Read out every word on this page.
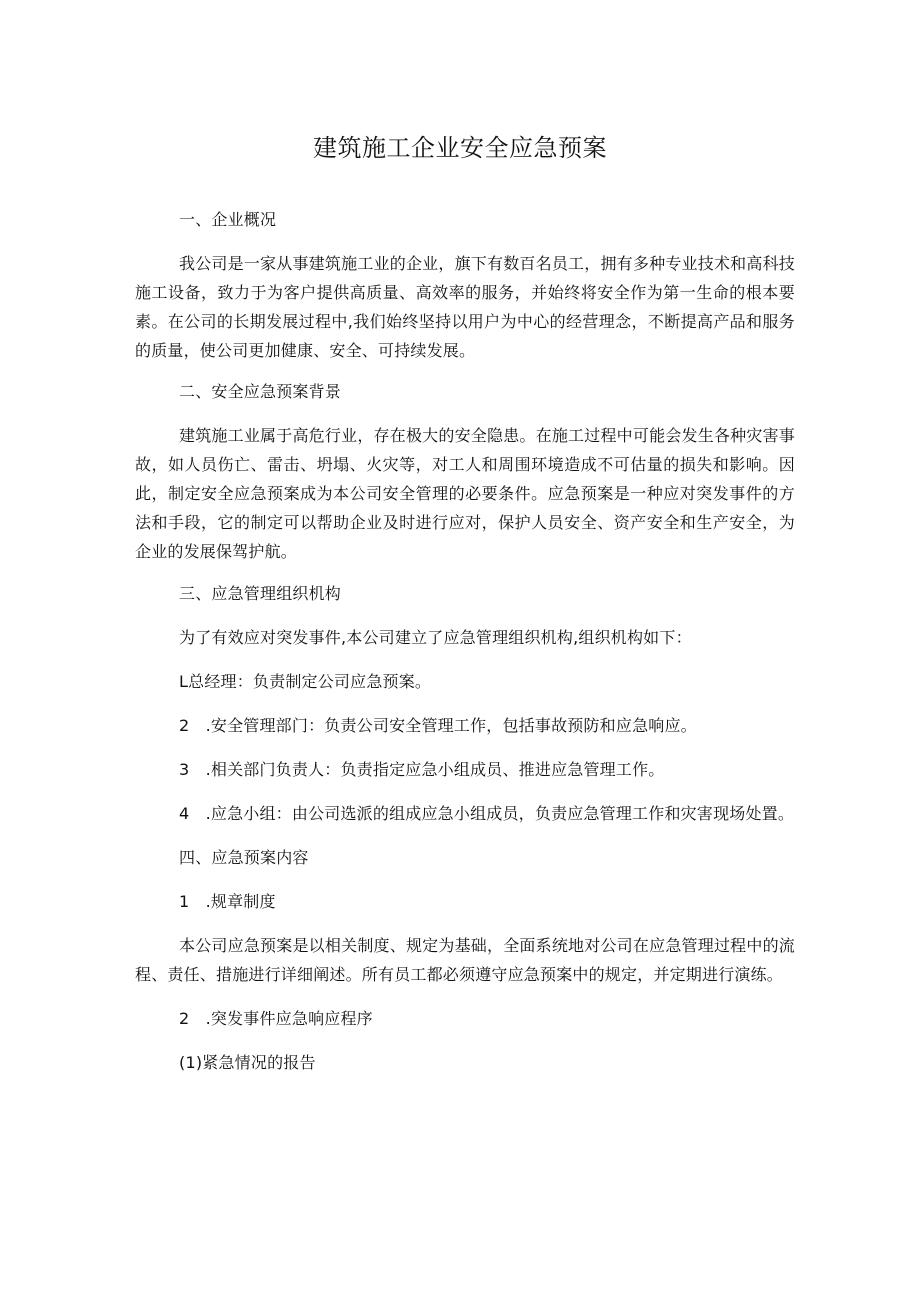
建筑施工企业安全应急预案

一、企业概况

我公司是一家从事建筑施工业的企业，旗下有数百名员工，拥有多种专业技术和高科技施工设备，致力于为客户提供高质量、高效率的服务，并始终将安全作为第一生命的根本要素。在公司的长期发展过程中,我们始终坚持以用户为中心的经营理念，不断提高产品和服务的质量，使公司更加健康、安全、可持续发展。

二、安全应急预案背景

建筑施工业属于高危行业，存在极大的安全隐患。在施工过程中可能会发生各种灾害事故，如人员伤亡、雷击、坍塌、火灾等，对工人和周围环境造成不可估量的损失和影响。因此，制定安全应急预案成为本公司安全管理的必要条件。应急预案是一种应对突发事件的方法和手段，它的制定可以帮助企业及时进行应对，保护人员安全、资产安全和生产安全，为企业的发展保驾护航。

三、应急管理组织机构

为了有效应对突发事件,本公司建立了应急管理组织机构,组织机构如下：

L总经理：负责制定公司应急预案。

2　.安全管理部门：负责公司安全管理工作，包括事故预防和应急响应。

3　.相关部门负责人：负责指定应急小组成员、推进应急管理工作。

4　.应急小组：由公司选派的组成应急小组成员，负责应急管理工作和灾害现场处置。

四、应急预案内容

1　.规章制度

本公司应急预案是以相关制度、规定为基础，全面系统地对公司在应急管理过程中的流程、责任、措施进行详细阐述。所有员工都必须遵守应急预案中的规定，并定期进行演练。

2　.突发事件应急响应程序

(1)紧急情况的报告
